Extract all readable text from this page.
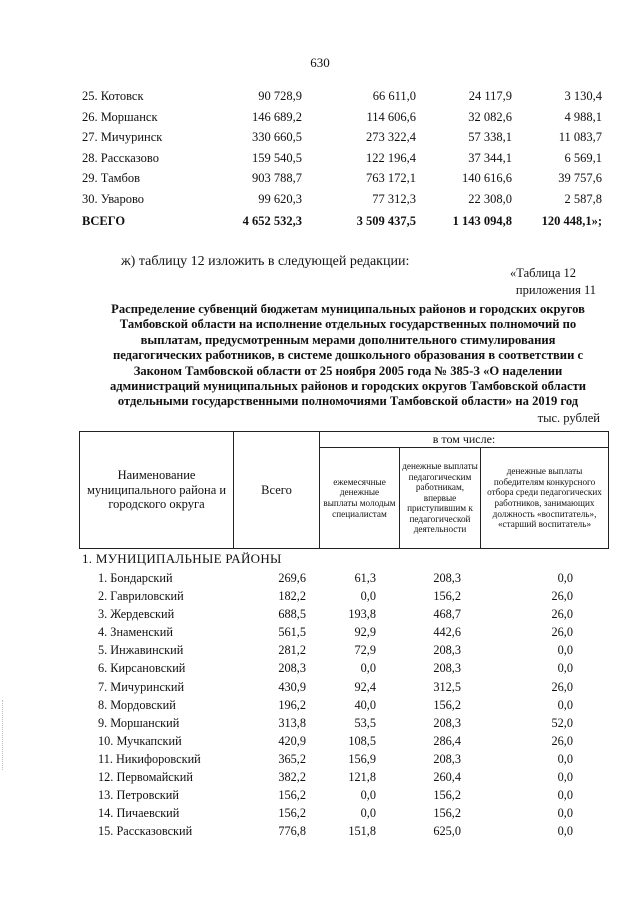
630
25. Котовск	90 728,9	66 611,0	24 117,9	3 130,4
26. Моршанск	146 689,2	114 606,6	32 082,6	4 988,1
27. Мичуринск	330 660,5	273 322,4	57 338,1	11 083,7
28. Рассказово	159 540,5	122 196,4	37 344,1	6 569,1
29. Тамбов	903 788,7	763 172,1	140 616,6	39 757,6
30. Уварово	99 620,3	77 312,3	22 308,0	2 587,8
ВСЕГО	4 652 532,3	3 509 437,5	1 143 094,8	120 448,1»;
ж) таблицу 12 изложить в следующей редакции:
«Таблица 12
приложения 11
Распределение субвенций бюджетам муниципальных районов и городских округов
Тамбовской области на исполнение отдельных государственных полномочий по
выплатам, предусмотренным мерами дополнительного стимулирования
педагогических работников, в системе дошкольного образования в соответствии с
Законом Тамбовской области от 25 ноября 2005 года № 385-З «О наделении
администраций муниципальных районов и городских округов Тамбовской области
отдельными государственными полномочиями Тамбовской области» на 2019 год
тыс. рублей
Наименование муниципального района и городского округа	Всего	в том числе:		
		ежемесячные денежные выплаты молодым специалистам	денежные выплаты педагогическим работникам, впервые приступившим к педагогической деятельности	денежные выплаты победителям конкурсного отбора среди педагогических работников, занимающих должность «воспитатель», «старший воспитатель»
1. МУНИЦИПАЛЬНЫЕ РАЙОНЫ
1. Бондарский	269,6	61,3	208,3	0,0
2. Гавриловский	182,2	0,0	156,2	26,0
3. Жердевский	688,5	193,8	468,7	26,0
4. Знаменский	561,5	92,9	442,6	26,0
5. Инжавинский	281,2	72,9	208,3	0,0
6. Кирсановский	208,3	0,0	208,3	0,0
7. Мичуринский	430,9	92,4	312,5	26,0
8. Мордовский	196,2	40,0	156,2	0,0
9. Моршанский	313,8	53,5	208,3	52,0
10. Мучкапский	420,9	108,5	286,4	26,0
11. Никифоровский	365,2	156,9	208,3	0,0
12. Первомайский	382,2	121,8	260,4	0,0
13. Петровский	156,2	0,0	156,2	0,0
14. Пичаевский	156,2	0,0	156,2	0,0
15. Рассказовский	776,8	151,8	625,0	0,0
